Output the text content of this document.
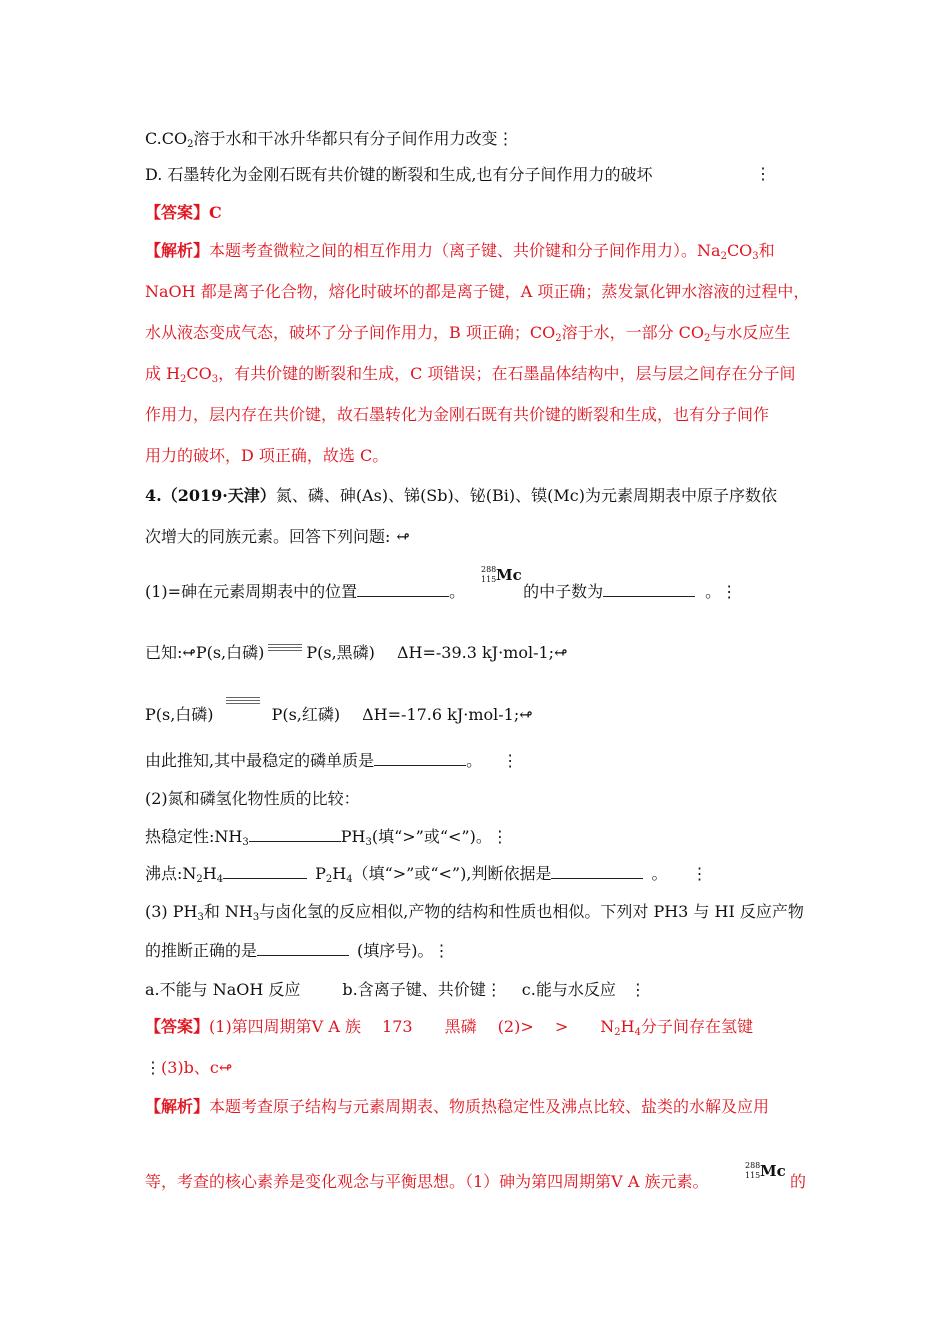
$C.CO_2$溶于水和干冰升华都只有分子间作用力改变⋮
D. 石墨转化为金刚石既有共价键的断裂和生成,也有分子间作用力的破坏	⋮
【答案】C
【解析】本题考查微粒之间的相互作用力（离子键、共价键和分子间作用力）。$Na_2CO_3$和
NaOH 都是离子化合物，熔化时破坏的都是离子键，A 项正确；蒸发氯化钾水溶液的过程中，
水从液态变成气态，破坏了分子间作用力，B 项正确；$CO_2$溶于水，一部分 $CO_2$与水反应生
成 $H_2CO_3$，有共价键的断裂和生成，C 项错误；在石墨晶体结构中，层与层之间存在分子间
作用力，层内存在共价键，故石墨转化为金刚石既有共价键的断裂和生成，也有分子间作
用力的破坏，D 项正确，故选 C。
4.（2019·天津）氮、磷、砷(As)、锑(Sb)、铋(Bi)、镆(Mc)为元素周期表中原子序数依
次增大的同族元素。回答下列问题: ↫
288
115 Mc
(1)=砷在元素周期表中的位置	。	的中子数为	。⋮
已知:↫P(s,白磷)	P(s,黑磷) ΔH=-39.3 kJ·mol-1;↫
P(s,白磷)	P(s,红磷) ΔH=-17.6 kJ·mol-1;↫
由此推知,其中最稳定的磷单质是	。 ⋮
(2)氮和磷氢化物性质的比较：
热稳定性$:NH_3$	$PH_3$(填“>”或“<”)。⋮
沸点$:N_2H_4$	$P_2H_4$（填“>”或“<”),判断依据是	。 ⋮
(3) $PH_3$和 $NH_3$与卤化氢的反应相似,产物的结构和性质也相似。下列对 PH3 与 HI 反应产物
的推断正确的是	(填序号)。⋮
a.不能与 NaOH 反应	b.含离子键、共价键⋮ c.能与水反应 ⋮
【答案】(1)第四周期第Ⅴ A 族　 173　　黑磷　 (2)>　 >　　$N_2H_4$分子间存在氢键
⋮(3)b、c↫
【解析】本题考查原子结构与元素周期表、物质热稳定性及沸点比较、盐类的水解及应用
288
115 Mc
等，考查的核心素养是变化观念与平衡思想。（1）砷为第四周期第Ⅴ A 族元素。	的
